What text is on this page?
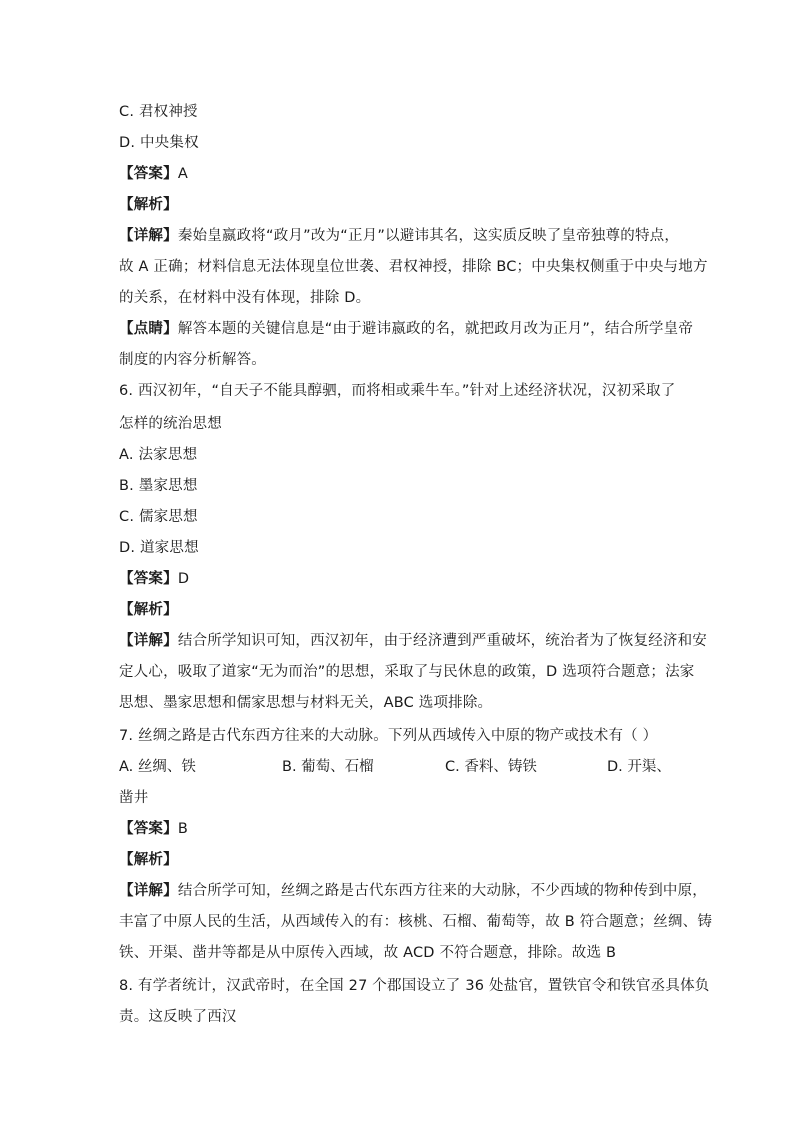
C. 君权神授
D. 中央集权
【答案】A
【解析】
【详解】秦始皇嬴政将“政月”改为“正月”以避讳其名，这实质反映了皇帝独尊的特点，
故 A 正确；材料信息无法体现皇位世袭、君权神授，排除 BC；中央集权侧重于中央与地方
的关系，在材料中没有体现，排除 D。
【点睛】解答本题的关键信息是“由于避讳嬴政的名，就把政月改为正月”，结合所学皇帝
制度的内容分析解答。
6. 西汉初年，“自天子不能具醇驷，而将相或乘牛车。”针对上述经济状况，汉初采取了
怎样的统治思想
A. 法家思想
B. 墨家思想
C. 儒家思想
D. 道家思想
【答案】D
【解析】
【详解】结合所学知识可知，西汉初年，由于经济遭到严重破坏，统治者为了恢复经济和安
定人心，吸取了道家“无为而治”的思想，采取了与民休息的政策，D 选项符合题意；法家
思想、墨家思想和儒家思想与材料无关，ABC 选项排除。
7. 丝绸之路是古代东西方往来的大动脉。下列从西域传入中原的物产或技术有（ ）
A. 丝绸、铁	B. 葡萄、石榴	C. 香料、铸铁	D. 开渠、
凿井
【答案】B
【解析】
【详解】结合所学可知，丝绸之路是古代东西方往来的大动脉，不少西域的物种传到中原，
丰富了中原人民的生活，从西域传入的有：核桃、石榴、葡萄等，故 B 符合题意；丝绸、铸
铁、开渠、凿井等都是从中原传入西域，故 ACD 不符合题意，排除。故选 B
8. 有学者统计，汉武帝时，在全国 27 个郡国设立了 36 处盐官，置铁官令和铁官丞具体负
责。这反映了西汉
